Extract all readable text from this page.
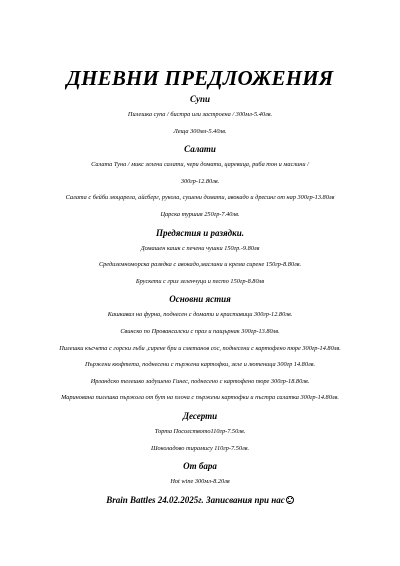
ДНЕВНИ ПРЕДЛОЖЕНИЯ
Супи
Пилешка супа / бистра или застроена / 300мл-5.40лв.
Леща 300мл-5.40лв.
Салати
Салата Туна / микс зелени салати, чери домати, царевица, риба тон и маслини /
300гр-12.80лв.
Салата с бейби моцарела, айсберг, рукола, сушени домати, авокадо и дресинг от нар 300гр-13.80лв
Царска туршия 250гр-7.40лв.
Предястия и разядки.
Домашен кашк с печени чушки 150гр.-9.80лв
Средиземноморска разядка с авокадо,маслини и крема сирене 150гр-8.80лв.
Брускети с гриз зеленчуци и песто 150гр-8.80лв
Основни ястия
Кашкавал на фурна, поднесен с домати и краставици 300гр-12.80лв.
Свинско по Провансалски с праз и пащърнак 300гр-13.80лв.
Пилешки късчета с горски гъби ,сирене бри и сметанов сос, поднесени с картофено пюре 300гр-14.80лв.
Пържени кюфтета, поднесени с пържени картофки, зеле и лютеница 300гр 14.80лв.
Ирландско телешко задушено Гинес, поднесено с картофено пюре 300гр-18.80лв.
Маринована пилешка пържола от бут на плоча с пържени картофки и пъстра салатка 300гр-14.80лв.
Десерти
Торта Посолството110гр-7.50лв.
Шоколадово тирамису 110гр-7.50лв.
От бара
Hot wine 300мл-8.20лв
Brain Battles 24.02.2025г. Записвания при нас
